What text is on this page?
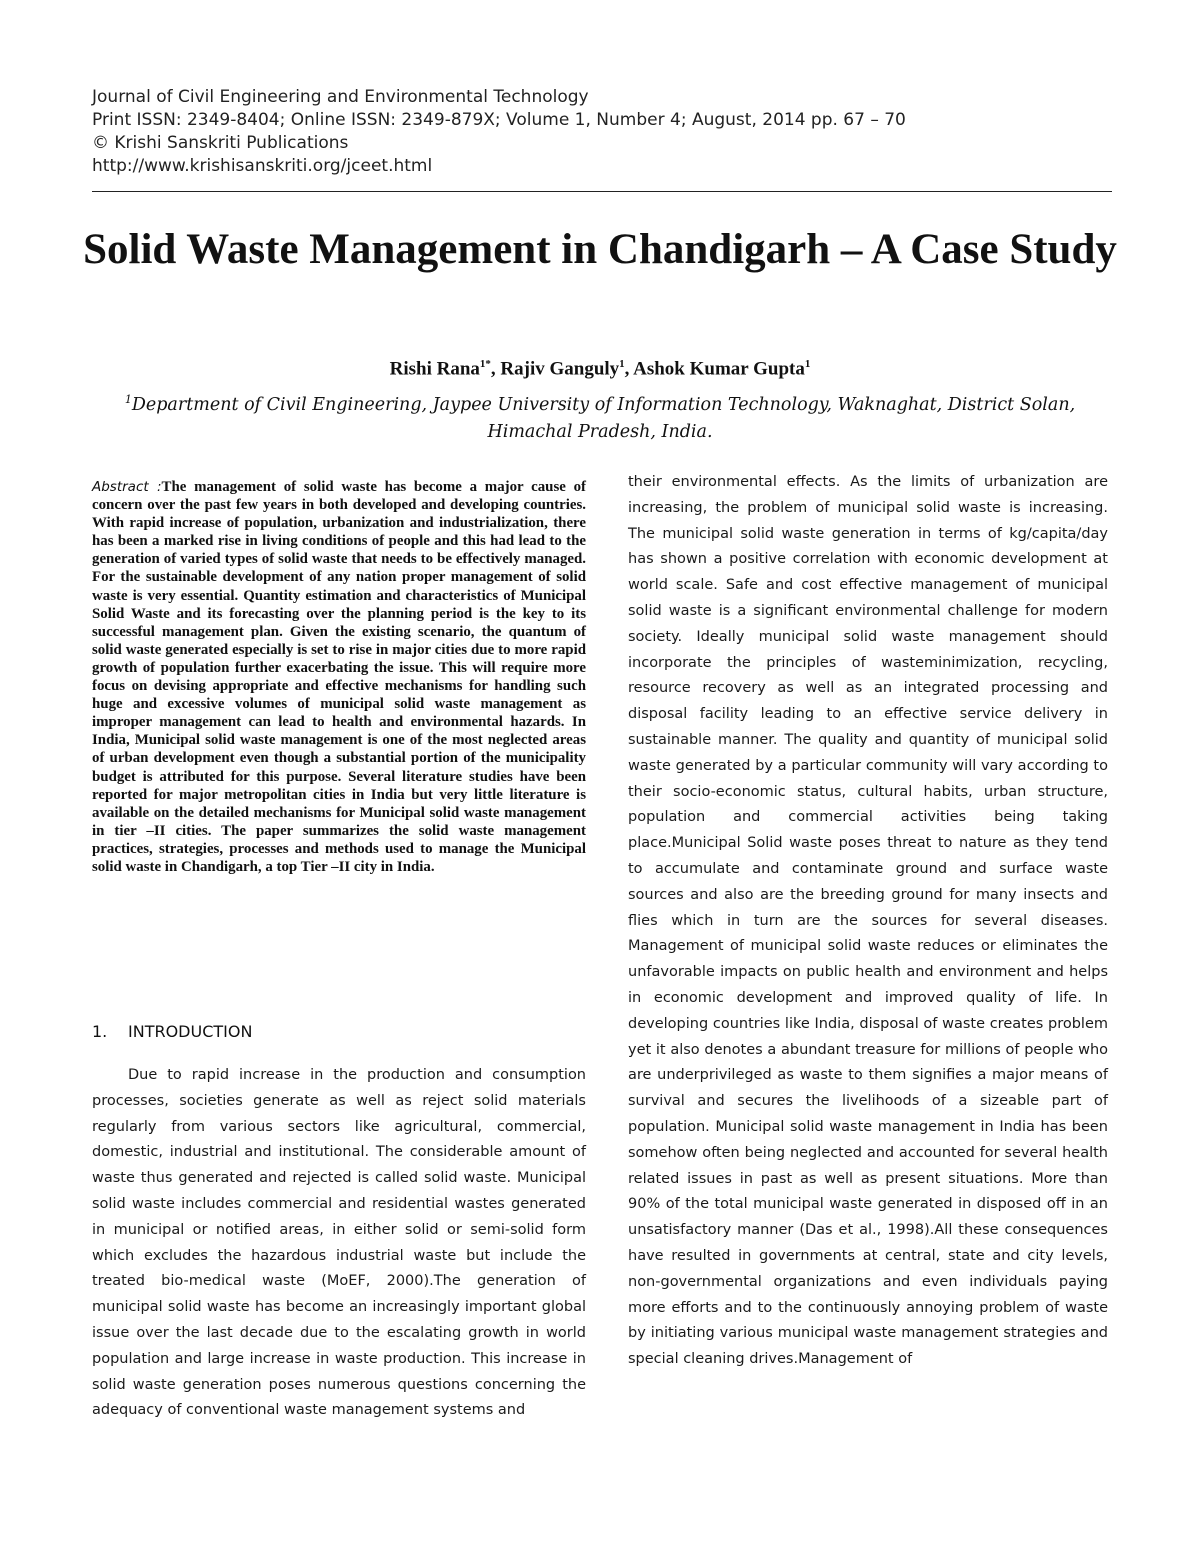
Journal of Civil Engineering and Environmental Technology
Print ISSN: 2349-8404; Online ISSN: 2349-879X; Volume 1, Number 4; August, 2014 pp. 67 – 70
© Krishi Sanskriti Publications
http://www.krishisanskriti.org/jceet.html
Solid Waste Management in Chandigarh – A Case Study
Rishi Rana$^{1*}$, Rajiv Ganguly$^1$, Ashok Kumar Gupta$^1$
$^1$Department of Civil Engineering, Jaypee University of Information Technology, Waknaghat, District Solan, Himachal Pradesh, India.

Abstract :The management of solid waste has become a major cause of concern over the past few years in both developed and developing countries. With rapid increase of population, urbanization and industrialization, there has been a marked rise in living conditions of people and this had lead to the generation of varied types of solid waste that needs to be effectively managed. For the sustainable development of any nation proper management of solid waste is very essential. Quantity estimation and characteristics of Municipal Solid Waste and its forecasting over the planning period is the key to its successful management plan. Given the existing scenario, the quantum of solid waste generated especially is set to rise in major cities due to more rapid growth of population further exacerbating the issue. This will require more focus on devising appropriate and effective mechanisms for handling such huge and excessive volumes of municipal solid waste management as improper management can lead to health and environmental hazards. In India, Municipal solid waste management is one of the most neglected areas of urban development even though a substantial portion of the municipality budget is attributed for this purpose. Several literature studies have been reported for major metropolitan cities in India but very little literature is available on the detailed mechanisms for Municipal solid waste management in tier –II cities. The paper summarizes the solid waste management practices, strategies, processes and methods used to manage the Municipal solid waste in Chandigarh, a top Tier –II city in India.

1. INTRODUCTION

Due to rapid increase in the production and consumption processes, societies generate as well as reject solid materials regularly from various sectors like agricultural, commercial, domestic, industrial and institutional. The considerable amount of waste thus generated and rejected is called solid waste. Municipal solid waste includes commercial and residential wastes generated in municipal or notified areas, in either solid or semi-solid form which excludes the hazardous industrial waste but include the treated bio-medical waste (MoEF, 2000).The generation of municipal solid waste has become an increasingly important global issue over the last decade due to the escalating growth in world population and large increase in waste production. This increase in solid waste generation poses numerous questions concerning the adequacy of conventional waste management systems and

their environmental effects. As the limits of urbanization are increasing, the problem of municipal solid waste is increasing. The municipal solid waste generation in terms of kg/capita/day has shown a positive correlation with economic development at world scale. Safe and cost effective management of municipal solid waste is a significant environmental challenge for modern society. Ideally municipal solid waste management should incorporate the principles of wasteminimization, recycling, resource recovery as well as an integrated processing and disposal facility leading to an effective service delivery in sustainable manner. The quality and quantity of municipal solid waste generated by a particular community will vary according to their socio-economic status, cultural habits, urban structure, population and commercial activities being taking place.Municipal Solid waste poses threat to nature as they tend to accumulate and contaminate ground and surface waste sources and also are the breeding ground for many insects and flies which in turn are the sources for several diseases. Management of municipal solid waste reduces or eliminates the unfavorable impacts on public health and environment and helps in economic development and improved quality of life. In developing countries like India, disposal of waste creates problem yet it also denotes a abundant treasure for millions of people who are underprivileged as waste to them signifies a major means of survival and secures the livelihoods of a sizeable part of population. Municipal solid waste management in India has been somehow often being neglected and accounted for several health related issues in past as well as present situations. More than 90% of the total municipal waste generated in disposed off in an unsatisfactory manner (Das et al., 1998).All these consequences have resulted in governments at central, state and city levels, non-governmental organizations and even individuals paying more efforts and to the continuously annoying problem of waste by initiating various municipal waste management strategies and special cleaning drives.Management of
